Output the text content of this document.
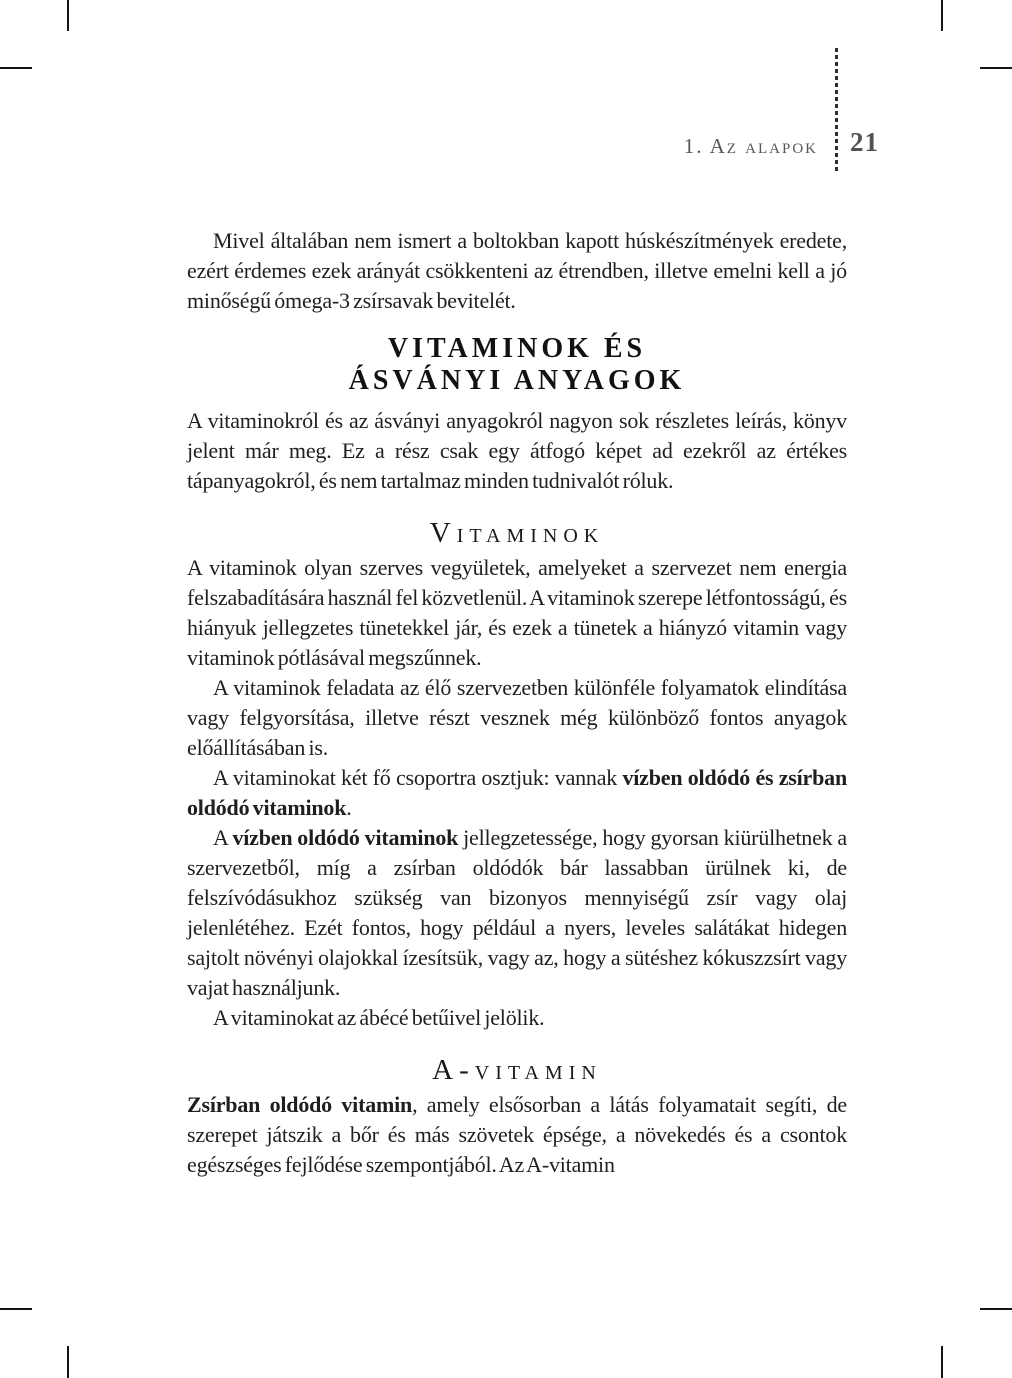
1. Az alapok 21

Mivel általában nem ismert a boltokban kapott húskészítmények eredete, ezért érdemes ezek arányát csökkenteni az étrendben, illetve emelni kell a jó minőségű ómega-3 zsírsavak bevitelét.

VITAMINOK ÉS
ÁSVÁNYI ANYAGOK

A vitaminokról és az ásványi anyagokról nagyon sok részletes leírás, könyv jelent már meg. Ez a rész csak egy átfogó képet ad ezekről az értékes tápanyagokról, és nem tartalmaz minden tudnivalót róluk.

Vitaminok

A vitaminok olyan szerves vegyületek, amelyeket a szervezet nem energia felszabadítására használ fel közvetlenül. A vitaminok szerepe létfontosságú, és hiányuk jellegzetes tünetekkel jár, és ezek a tünetek a hiányzó vitamin vagy vitaminok pótlásával megszűnnek.

A vitaminok feladata az élő szervezetben különféle folyamatok elindítása vagy felgyorsítása, illetve részt vesznek még különböző fontos anyagok előállításában is.

A vitaminokat két fő csoportra osztjuk: vannak vízben oldódó és zsírban oldódó vitaminok.

A vízben oldódó vitaminok jellegzetessége, hogy gyorsan kiürülhetnek a szervezetből, míg a zsírban oldódók bár lassabban ürülnek ki, de felszívódásukhoz szükség van bizonyos mennyiségű zsír vagy olaj jelenlétéhez. Ezét fontos, hogy például a nyers, leveles salátákat hidegen sajtolt növényi olajokkal ízesítsük, vagy az, hogy a sütéshez kókuszzsírt vagy vajat használjunk.

A vitaminokat az ábécé betűivel jelölik.

A-vitamin

Zsírban oldódó vitamin, amely elsősorban a látás folyamatait segíti, de szerepet játszik a bőr és más szövetek épsége, a növekedés és a csontok egészséges fejlődése szempontjából. Az A-vitamin
